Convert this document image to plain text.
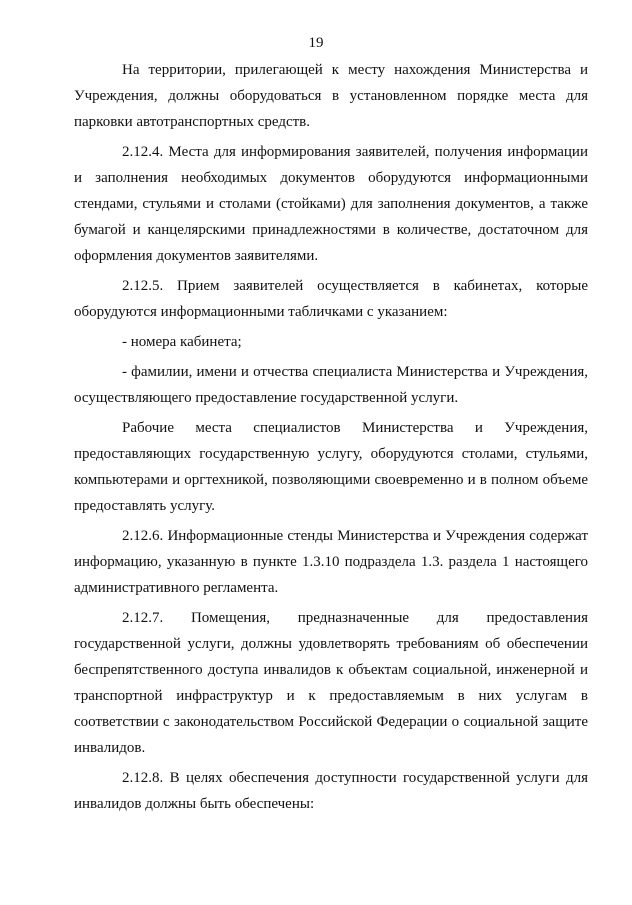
19

На территории, прилегающей к месту нахождения Министерства и Учреждения, должны оборудоваться в установленном порядке места для парковки автотранспортных средств.

2.12.4. Места для информирования заявителей, получения информации и заполнения необходимых документов оборудуются информационными стендами, стульями и столами (стойками) для заполнения документов, а также бумагой и канцелярскими принадлежностями в количестве, достаточном для оформления документов заявителями.

2.12.5. Прием заявителей осуществляется в кабинетах, которые оборудуются информационными табличками с указанием:

- номера кабинета;

- фамилии, имени и отчества специалиста Министерства и Учреждения, осуществляющего предоставление государственной услуги.

Рабочие места специалистов Министерства и Учреждения, предоставляющих государственную услугу, оборудуются столами, стульями, компьютерами и оргтехникой, позволяющими своевременно и в полном объеме предоставлять услугу.

2.12.6. Информационные стенды Министерства и Учреждения содержат информацию, указанную в пункте 1.3.10 подраздела 1.3. раздела 1 настоящего административного регламента.

2.12.7. Помещения, предназначенные для предоставления государственной услуги, должны удовлетворять требованиям об обеспечении беспрепятственного доступа инвалидов к объектам социальной, инженерной и транспортной инфраструктур и к предоставляемым в них услугам в соответствии с законодательством Российской Федерации о социальной защите инвалидов.

2.12.8. В целях обеспечения доступности государственной услуги для инвалидов должны быть обеспечены:
